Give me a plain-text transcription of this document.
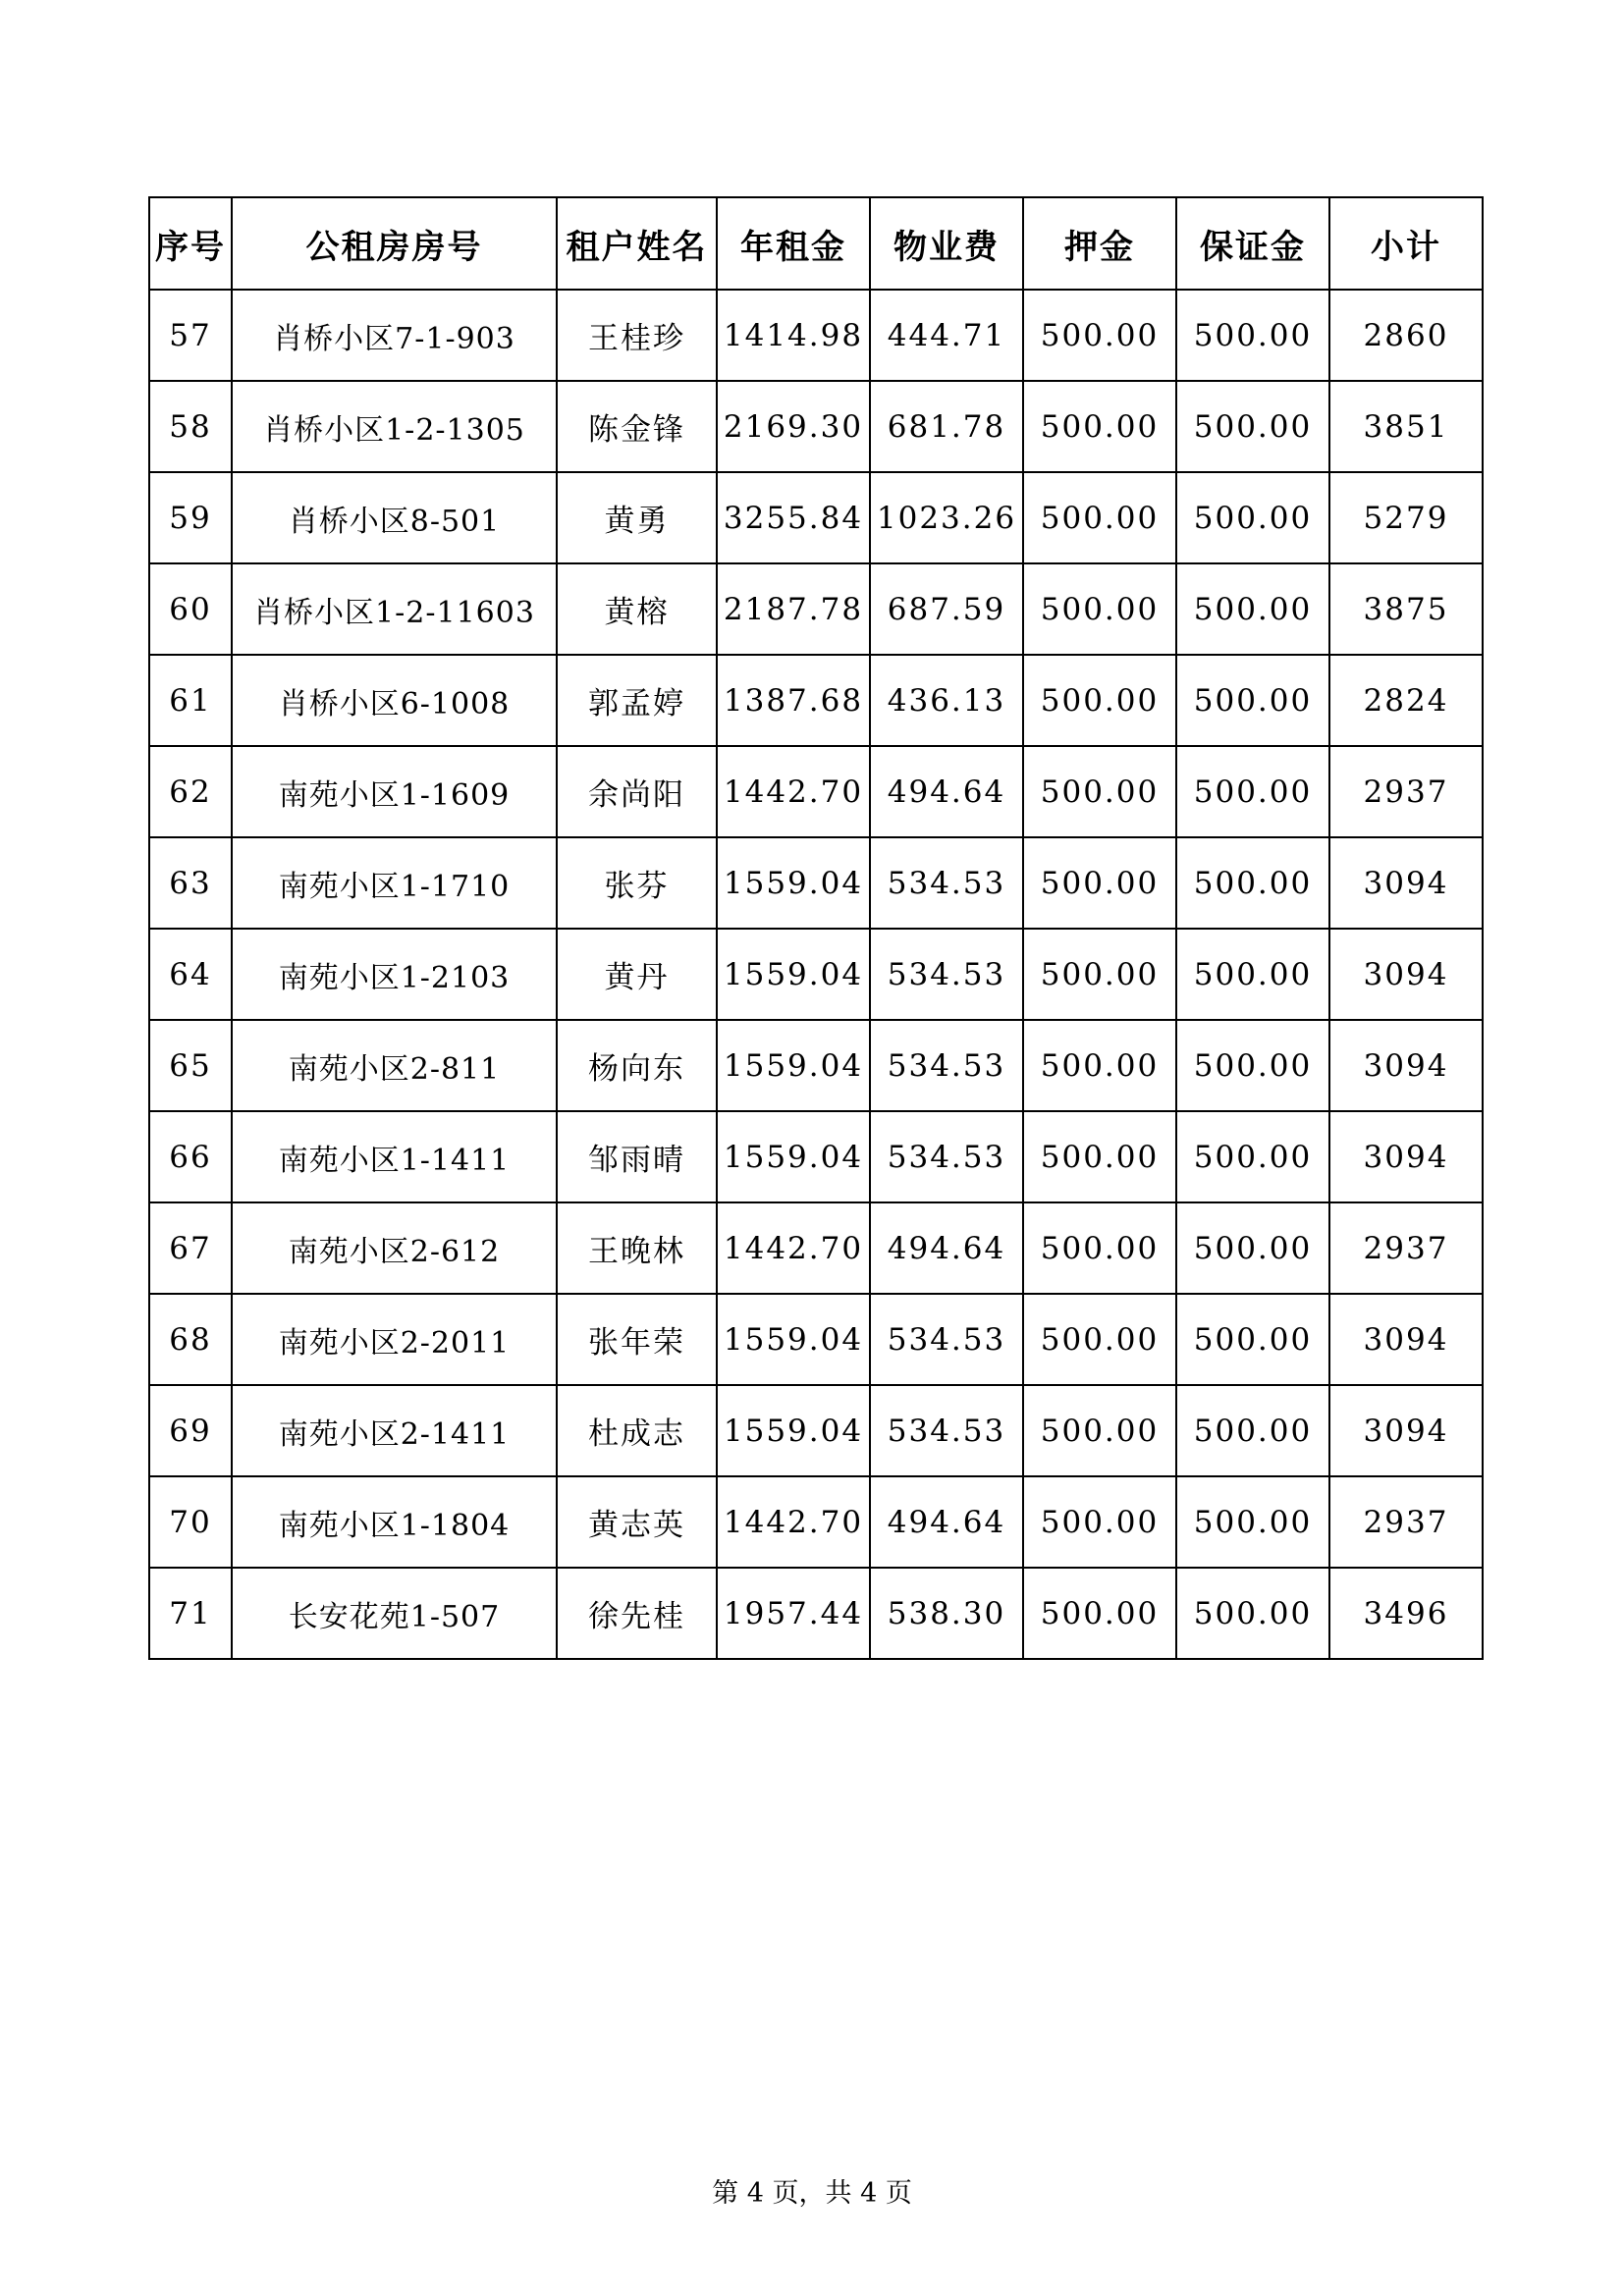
序号	公租房房号	租户姓名	年租金	物业费	押金	保证金	小计
57	肖桥小区7-1-903	王桂珍	1414.98	444.71	500.00	500.00	2860
58	肖桥小区1-2-1305	陈金锋	2169.30	681.78	500.00	500.00	3851
59	肖桥小区8-501	黄勇	3255.84	1023.26	500.00	500.00	5279
60	肖桥小区1-2-11603	黄榕	2187.78	687.59	500.00	500.00	3875
61	肖桥小区6-1008	郭孟婷	1387.68	436.13	500.00	500.00	2824
62	南苑小区1-1609	余尚阳	1442.70	494.64	500.00	500.00	2937
63	南苑小区1-1710	张芬	1559.04	534.53	500.00	500.00	3094
64	南苑小区1-2103	黄丹	1559.04	534.53	500.00	500.00	3094
65	南苑小区2-811	杨向东	1559.04	534.53	500.00	500.00	3094
66	南苑小区1-1411	邹雨晴	1559.04	534.53	500.00	500.00	3094
67	南苑小区2-612	王晚林	1442.70	494.64	500.00	500.00	2937
68	南苑小区2-2011	张年荣	1559.04	534.53	500.00	500.00	3094
69	南苑小区2-1411	杜成志	1559.04	534.53	500.00	500.00	3094
70	南苑小区1-1804	黄志英	1442.70	494.64	500.00	500.00	2937
71	长安花苑1-507	徐先桂	1957.44	538.30	500.00	500.00	3496
第 4 页，共 4 页
